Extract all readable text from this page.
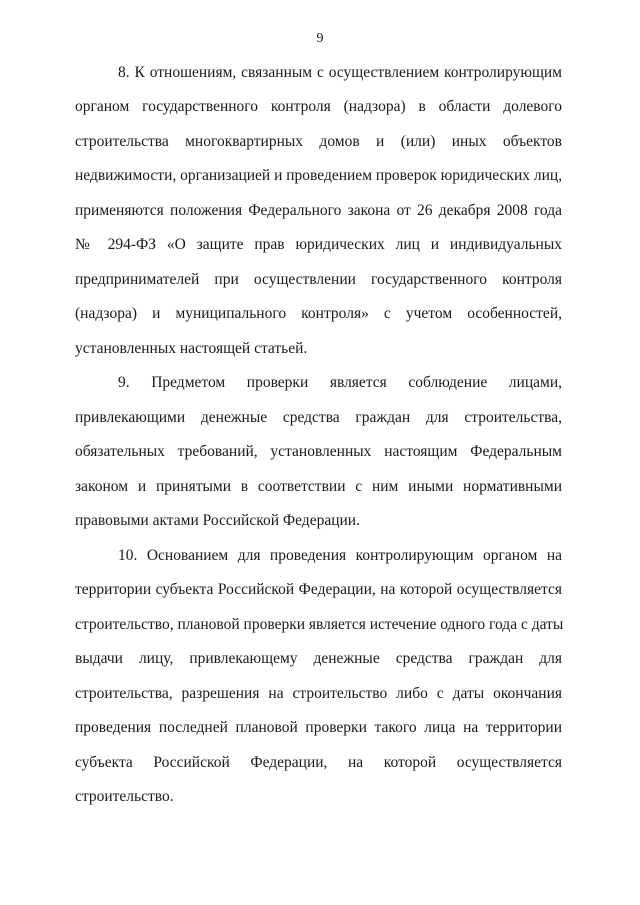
9
8. К отношениям, связанным с осуществлением контролирующим
органом государственного контроля (надзора) в области долевого
строительства многоквартирных домов и (или) иных объектов
недвижимости, организацией и проведением проверок юридических лиц,
применяются положения Федерального закона от 26 декабря 2008 года
№ 294-ФЗ «О защите прав юридических лиц и индивидуальных
предпринимателей при осуществлении государственного контроля
(надзора) и муниципального контроля» с учетом особенностей,
установленных настоящей статьей.
9. Предметом проверки является соблюдение лицами,
привлекающими денежные средства граждан для строительства,
обязательных требований, установленных настоящим Федеральным
законом и принятыми в соответствии с ним иными нормативными
правовыми актами Российской Федерации.
10. Основанием для проведения контролирующим органом на
территории субъекта Российской Федерации, на которой осуществляется
строительство, плановой проверки является истечение одного года с даты
выдачи лицу, привлекающему денежные средства граждан для
строительства, разрешения на строительство либо с даты окончания
проведения последней плановой проверки такого лица на территории
субъекта Российской Федерации, на которой осуществляется
строительство.
